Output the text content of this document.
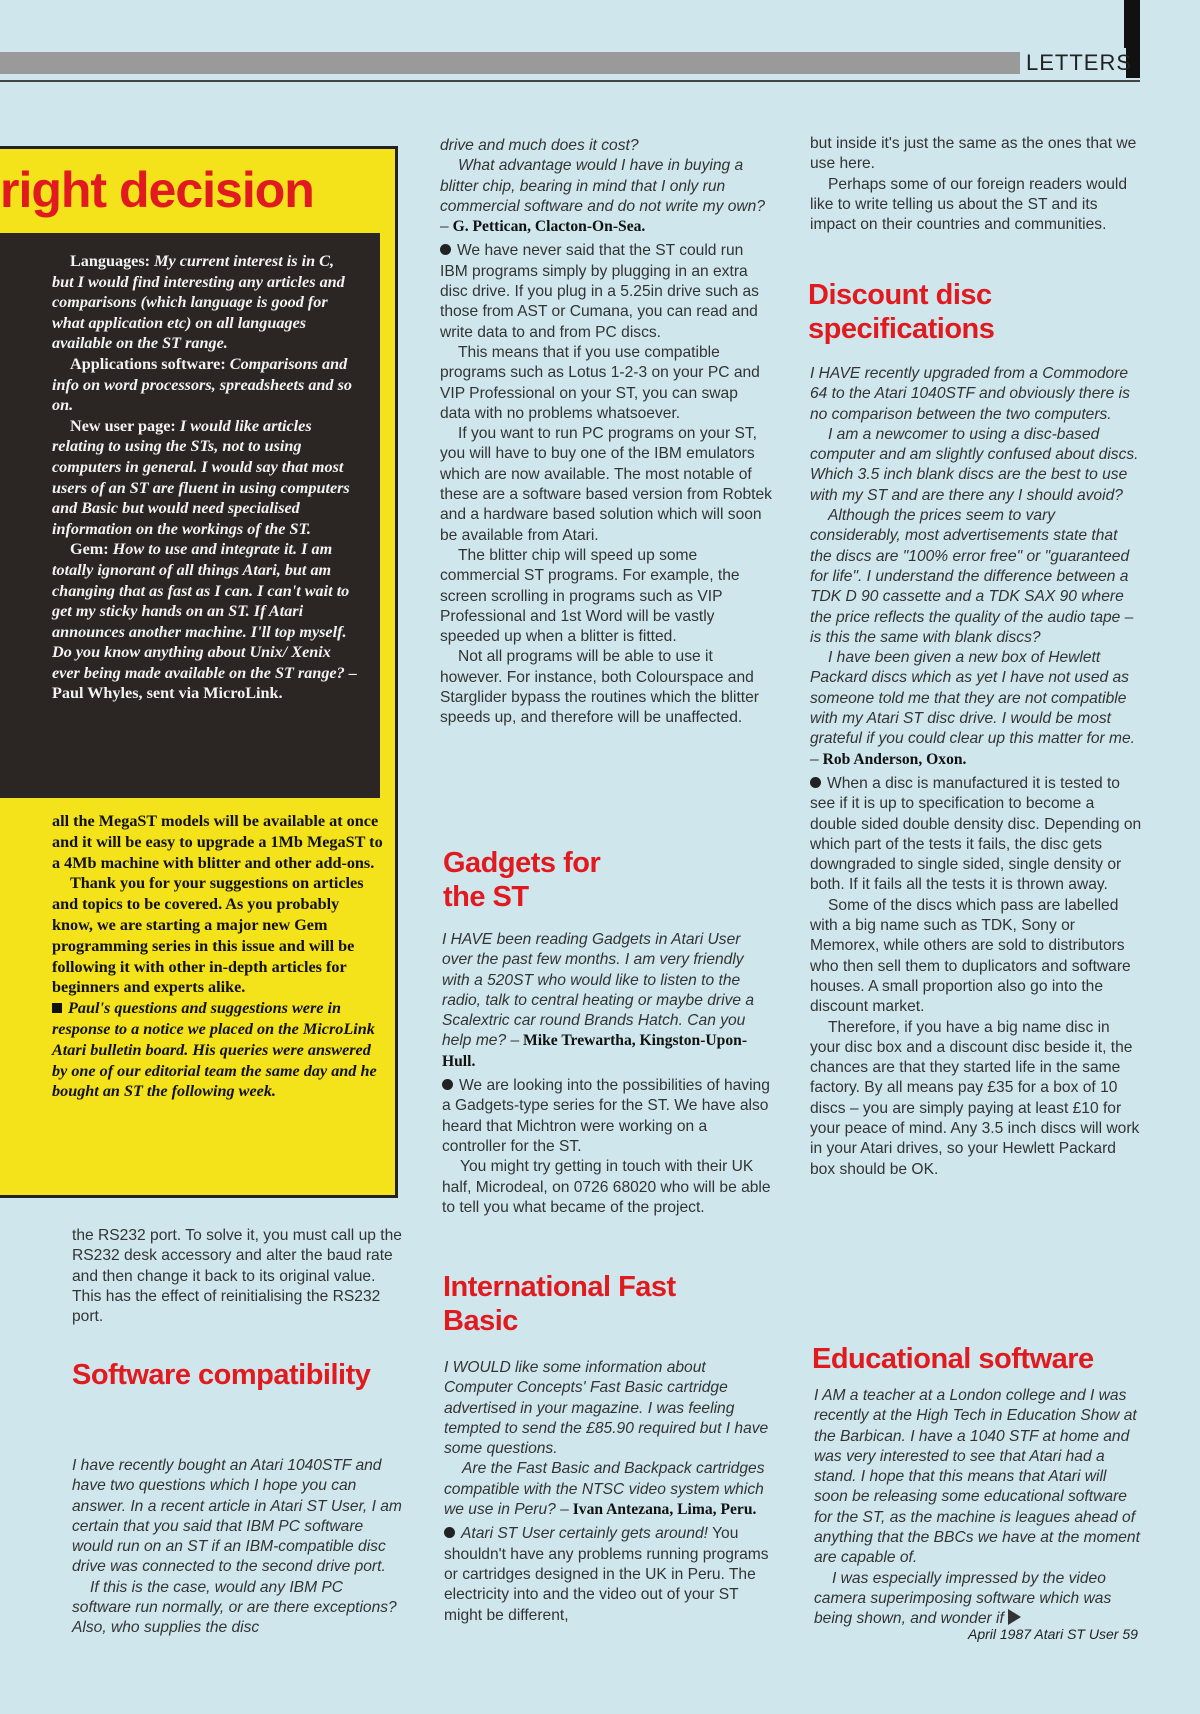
LETTERS
right decision

Languages: My current interest is in C, but I would find interesting any articles and comparisons (which language is good for what application etc) on all languages available on the ST range.

Applications software: Comparisons and info on word processors, spreadsheets and so on.

New user page: I would like articles relating to using the STs, not to using computers in general. I would say that most users of an ST are fluent in using computers and Basic but would need specialised information on the workings of the ST.

Gem: How to use and integrate it. I am totally ignorant of all things Atari, but am changing that as fast as I can. I can't wait to get my sticky hands on an ST. If Atari announces another machine. I'll top myself. Do you know anything about Unix/ Xenix ever being made available on the ST range? – Paul Whyles, sent via MicroLink.

all the MegaST models will be available at once and it will be easy to upgrade a 1Mb MegaST to a 4Mb machine with blitter and other add-ons.

Thank you for your suggestions on articles and topics to be covered. As you probably know, we are starting a major new Gem programming series in this issue and will be following it with other in-depth articles for beginners and experts alike.

Paul's questions and suggestions were in response to a notice we placed on the MicroLink Atari bulletin board. His queries were answered by one of our editorial team the same day and he bought an ST the following week.

the RS232 port. To solve it, you must call up the RS232 desk accessory and alter the baud rate and then change it back to its original value. This has the effect of reinitialising the RS232 port.

Software compatibility

I have recently bought an Atari 1040STF and have two questions which I hope you can answer. In a recent article in Atari ST User, I am certain that you said that IBM PC software would run on an ST if an IBM-compatible disc drive was connected to the second drive port.

If this is the case, would any IBM PC software run normally, or are there exceptions? Also, who supplies the disc

drive and much does it cost?

What advantage would I have in buying a blitter chip, bearing in mind that I only run commercial software and do not write my own? – G. Pettican, Clacton-On-Sea.

We have never said that the ST could run IBM programs simply by plugging in an extra disc drive. If you plug in a 5.25in drive such as those from AST or Cumana, you can read and write data to and from PC discs.

This means that if you use compatible programs such as Lotus 1-2-3 on your PC and VIP Professional on your ST, you can swap data with no problems whatsoever.

If you want to run PC programs on your ST, you will have to buy one of the IBM emulators which are now available. The most notable of these are a software based version from Robtek and a hardware based solution which will soon be available from Atari.

The blitter chip will speed up some commercial ST programs. For example, the screen scrolling in programs such as VIP Professional and 1st Word will be vastly speeded up when a blitter is fitted.

Not all programs will be able to use it however. For instance, both Colourspace and Starglider bypass the routines which the blitter speeds up, and therefore will be unaffected.

Gadgets for the ST

I HAVE been reading Gadgets in Atari User over the past few months. I am very friendly with a 520ST who would like to listen to the radio, talk to central heating or maybe drive a Scalextric car round Brands Hatch. Can you help me? – Mike Trewartha, Kingston-Upon-Hull.

We are looking into the possibilities of having a Gadgets-type series for the ST. We have also heard that Michtron were working on a controller for the ST.

You might try getting in touch with their UK half, Microdeal, on 0726 68020 who will be able to tell you what became of the project.

International Fast Basic

I WOULD like some information about Computer Concepts' Fast Basic cartridge advertised in your magazine. I was feeling tempted to send the £85.90 required but I have some questions.

Are the Fast Basic and Backpack cartridges compatible with the NTSC video system which we use in Peru? – Ivan Antezana, Lima, Peru.

Atari ST User certainly gets around! You shouldn't have any problems running programs or cartridges designed in the UK in Peru. The electricity into and the video out of your ST might be different,

but inside it's just the same as the ones that we use here.

Perhaps some of our foreign readers would like to write telling us about the ST and its impact on their countries and communities.

Discount disc specifications

I HAVE recently upgraded from a Commodore 64 to the Atari 1040STF and obviously there is no comparison between the two computers.

I am a newcomer to using a disc-based computer and am slightly confused about discs. Which 3.5 inch blank discs are the best to use with my ST and are there any I should avoid?

Although the prices seem to vary considerably, most advertisements state that the discs are "100% error free" or "guaranteed for life". I understand the difference between a TDK D 90 cassette and a TDK SAX 90 where the price reflects the quality of the audio tape – is this the same with blank discs?

I have been given a new box of Hewlett Packard discs which as yet I have not used as someone told me that they are not compatible with my Atari ST disc drive. I would be most grateful if you could clear up this matter for me. – Rob Anderson, Oxon.

When a disc is manufactured it is tested to see if it is up to specification to become a double sided double density disc. Depending on which part of the tests it fails, the disc gets downgraded to single sided, single density or both. If it fails all the tests it is thrown away.

Some of the discs which pass are labelled with a big name such as TDK, Sony or Memorex, while others are sold to distributors who then sell them to duplicators and software houses. A small proportion also go into the discount market.

Therefore, if you have a big name disc in your disc box and a discount disc beside it, the chances are that they started life in the same factory. By all means pay £35 for a box of 10 discs – you are simply paying at least £10 for your peace of mind. Any 3.5 inch discs will work in your Atari drives, so your Hewlett Packard box should be OK.

Educational software

I AM a teacher at a London college and I was recently at the High Tech in Education Show at the Barbican. I have a 1040 STF at home and was very interested to see that Atari had a stand. I hope that this means that Atari will soon be releasing some educational software for the ST, as the machine is leagues ahead of anything that the BBCs we have at the moment are capable of.

I was especially impressed by the video camera superimposing software which was being shown, and wonder if

April 1987 Atari ST User 59
